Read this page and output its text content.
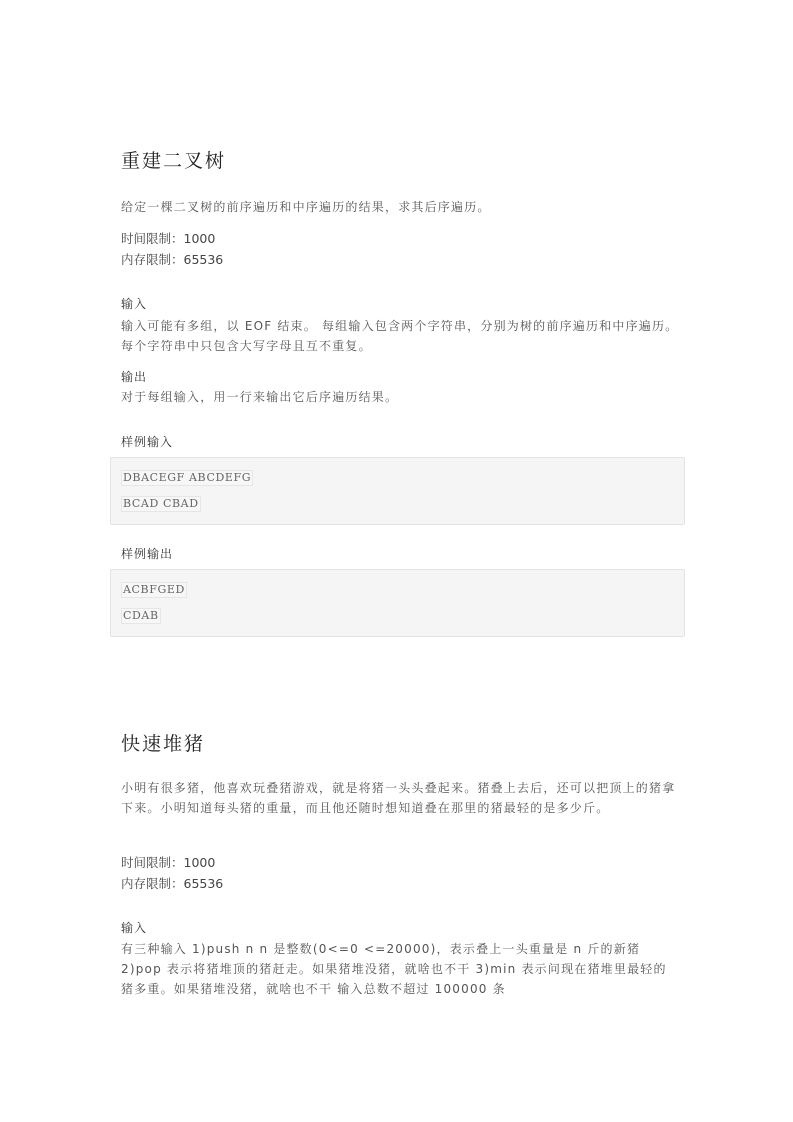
重建二叉树
给定一棵二叉树的前序遍历和中序遍历的结果，求其后序遍历。
时间限制：1000
内存限制：65536
输入
输入可能有多组，以 EOF 结束。 每组输入包含两个字符串，分别为树的前序遍历和中序遍历。每个字符串中只包含大写字母且互不重复。
输出
对于每组输入，用一行来输出它后序遍历结果。
样例输入
DBACEGF ABCDEFG
BCAD CBAD
样例输出
ACBFGED
CDAB
快速堆猪
小明有很多猪，他喜欢玩叠猪游戏，就是将猪一头头叠起来。猪叠上去后，还可以把顶上的猪拿下来。小明知道每头猪的重量，而且他还随时想知道叠在那里的猪最轻的是多少斤。
时间限制：1000
内存限制：65536
输入
有三种输入 1)push n n 是整数(0<=0 <=20000)，表示叠上一头重量是 n 斤的新猪 2)pop 表示将猪堆顶的猪赶走。如果猪堆没猪，就啥也不干 3)min 表示问现在猪堆里最轻的猪多重。如果猪堆没猪，就啥也不干 输入总数不超过 100000 条
